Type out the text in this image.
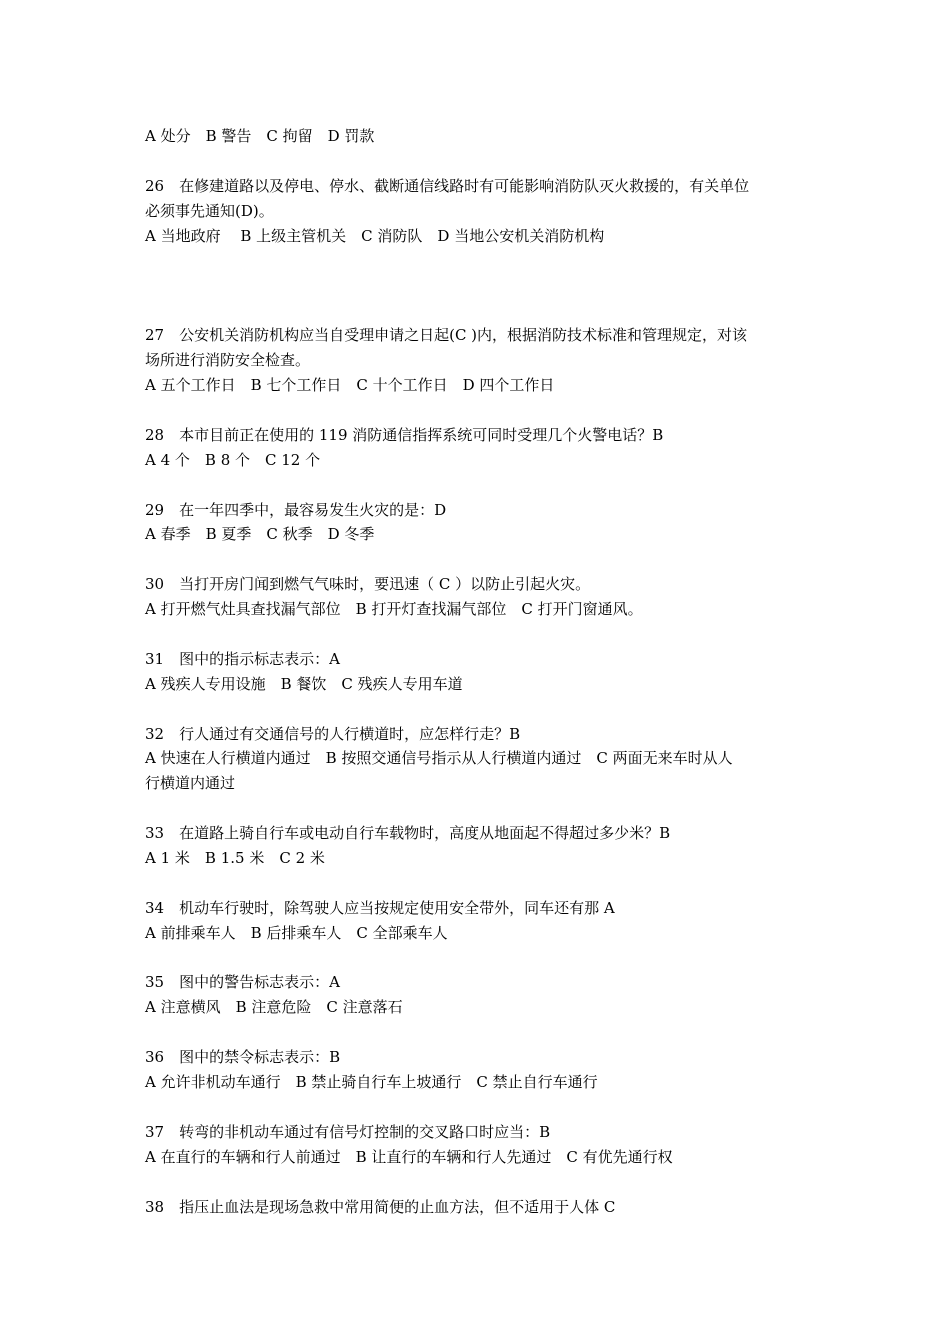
A 处分　B 警告　C 拘留　D 罚款
26　在修建道路以及停电、停水、截断通信线路时有可能影响消防队灭火救援的，有关单位
必须事先通知(D)。
A 当地政府　 B 上级主管机关　C 消防队　D 当地公安机关消防机构
27　公安机关消防机构应当自受理申请之日起(C )内，根据消防技术标准和管理规定，对该
场所进行消防安全检查。
A 五个工作日　B 七个工作日　C 十个工作日　D 四个工作日
28　本市目前正在使用的 119 消防通信指挥系统可同时受理几个火警电话？B
A 4 个　B 8 个　C 12 个
29　在一年四季中，最容易发生火灾的是：D
A 春季　B 夏季　C 秋季　D 冬季
30　当打开房门闻到燃气气味时，要迅速（ C ）以防止引起火灾。
A 打开燃气灶具查找漏气部位　B 打开灯查找漏气部位　C 打开门窗通风。
31　图中的指示标志表示：A
A 残疾人专用设施　B 餐饮　C 残疾人专用车道
32　行人通过有交通信号的人行横道时，应怎样行走？B
A 快速在人行横道内通过　B 按照交通信号指示从人行横道内通过　C 两面无来车时从人
行横道内通过
33　在道路上骑自行车或电动自行车载物时，高度从地面起不得超过多少米？B
A 1 米　B 1.5 米　C 2 米
34　机动车行驶时，除驾驶人应当按规定使用安全带外，同车还有那 A
A 前排乘车人　B 后排乘车人　C 全部乘车人
35　图中的警告标志表示：A
A 注意横风　B 注意危险　C 注意落石
36　图中的禁令标志表示：B
A 允许非机动车通行　B 禁止骑自行车上坡通行　C 禁止自行车通行
37　转弯的非机动车通过有信号灯控制的交叉路口时应当：B
A 在直行的车辆和行人前通过　B 让直行的车辆和行人先通过　C 有优先通行权
38　指压止血法是现场急救中常用简便的止血方法，但不适用于人体 C
